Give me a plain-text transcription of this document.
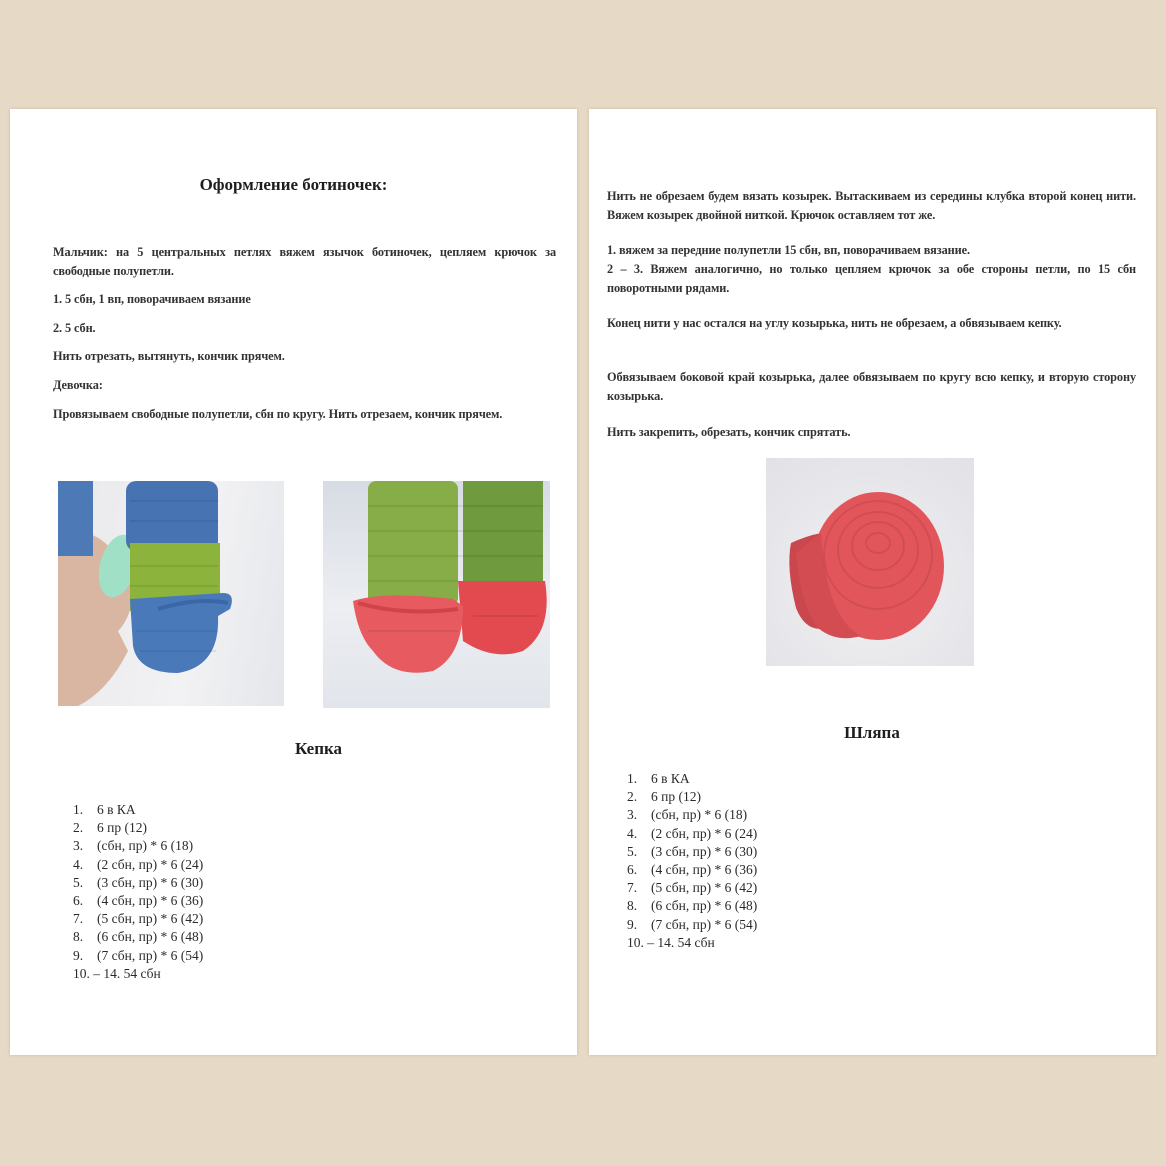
Оформление ботиночек:
Мальчик: на 5 центральных петлях вяжем язычок ботиночек, цепляем крючок за свободные полупетли.
1. 5 сбн, 1 вп, поворачиваем вязание
2. 5 сбн.
Нить отрезать, вытянуть, кончик прячем.
Девочка:
Провязываем свободные полупетли, сбн по кругу. Нить отрезаем, кончик прячем.
Кепка
1. 6 в КА
2. 6 пр (12)
3. (сбн, пр) * 6 (18)
4. (2 сбн, пр) * 6 (24)
5. (3 сбн, пр) * 6 (30)
6. (4 сбн, пр) * 6 (36)
7. (5 сбн, пр) * 6 (42)
8. (6 сбн, пр) * 6 (48)
9. (7 сбн, пр) * 6 (54)
10. – 14. 54 сбн
Нить не обрезаем будем вязать козырек. Вытаскиваем из середины клубка второй конец нити. Вяжем козырек двойной ниткой. Крючок оставляем тот же.
1. вяжем за передние полупетли 15 сбн, вп, поворачиваем вязание.
2 – 3. Вяжем аналогично, но только цепляем крючок за обе стороны петли, по 15 сбн поворотными рядами.
Конец нити у нас остался на углу козырька, нить не обрезаем, а обвязываем кепку.
Обвязываем боковой край козырька, далее обвязываем по кругу всю кепку, и вторую сторону козырька.
Нить закрепить, обрезать, кончик спрятать.
Шляпа
1. 6 в КА
2. 6 пр (12)
3. (сбн, пр) * 6 (18)
4. (2 сбн, пр) * 6 (24)
5. (3 сбн, пр) * 6 (30)
6. (4 сбн, пр) * 6 (36)
7. (5 сбн, пр) * 6 (42)
8. (6 сбн, пр) * 6 (48)
9. (7 сбн, пр) * 6 (54)
10. – 14. 54 сбн
